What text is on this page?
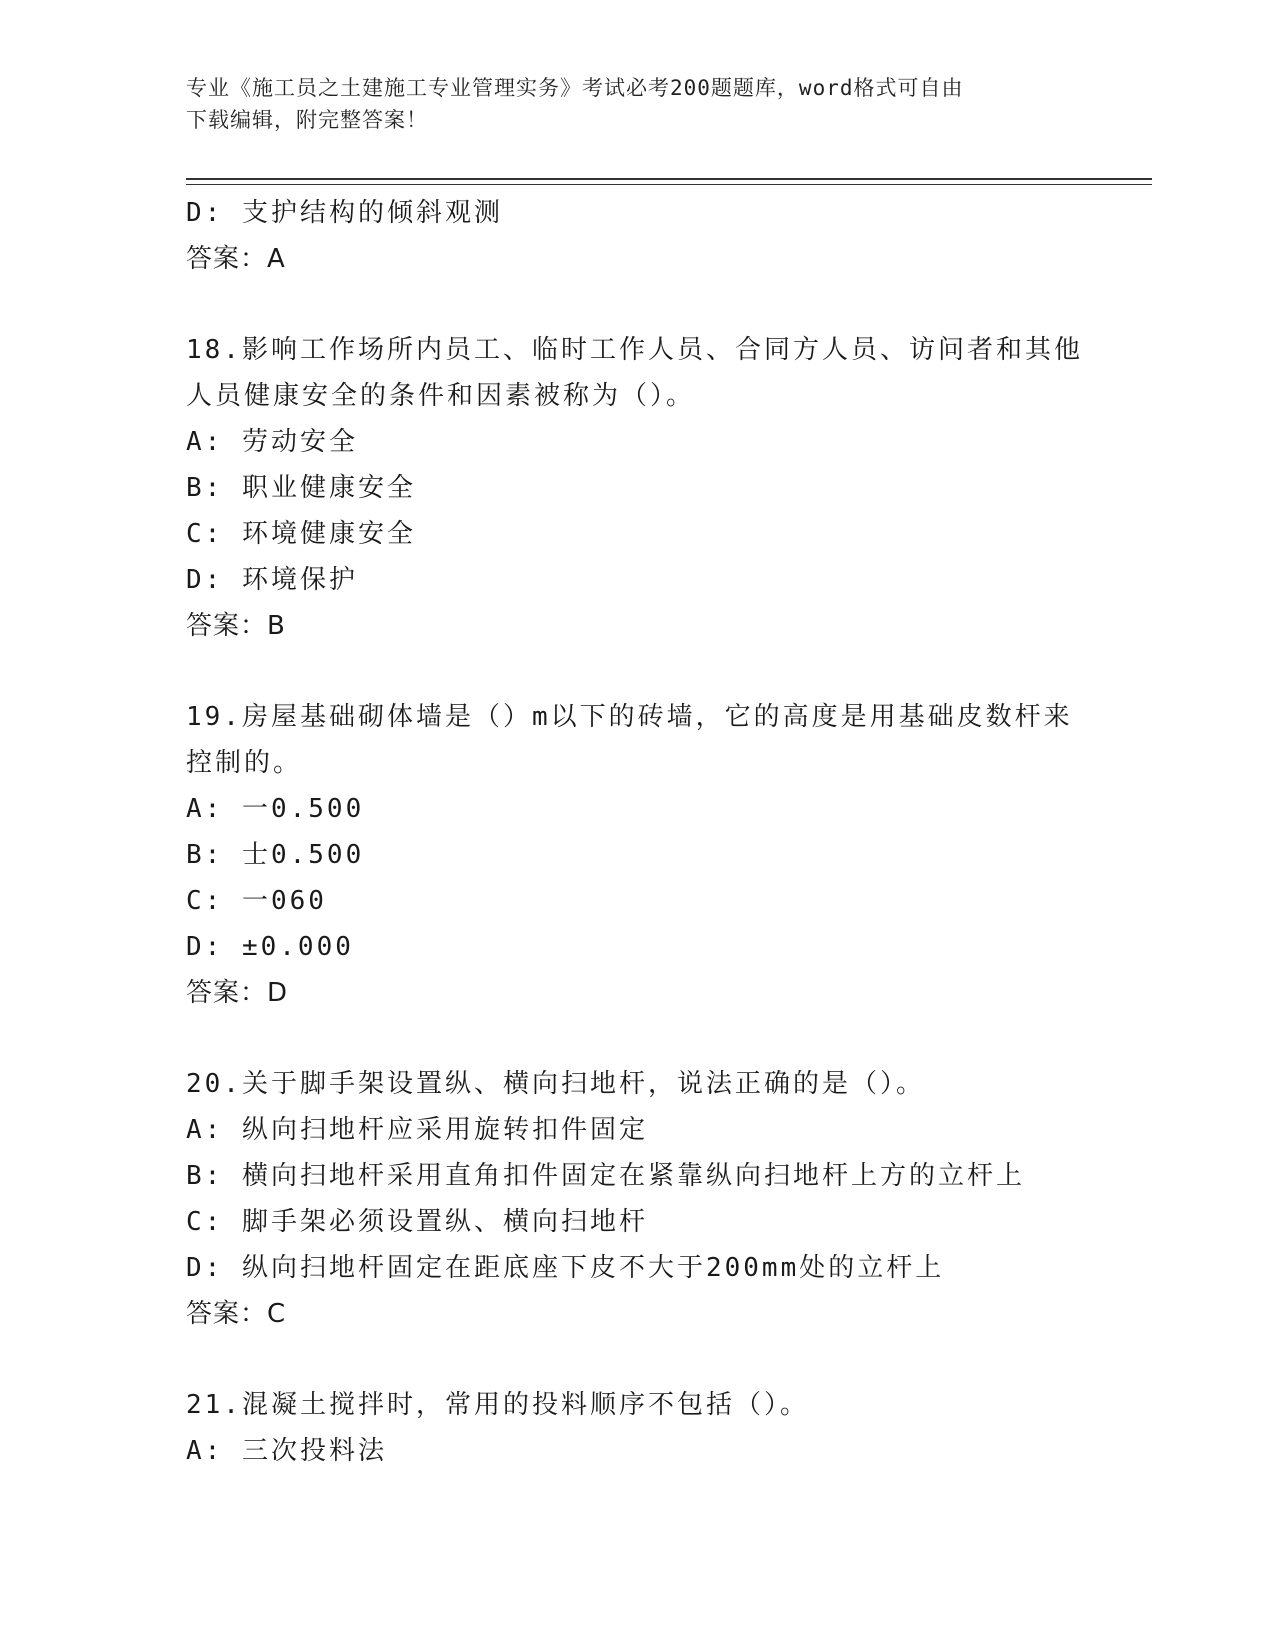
专业《施工员之土建施工专业管理实务》考试必考200题题库，word格式可自由
下载编辑，附完整答案！
D: 支护结构的倾斜观测
答案：A
18.影响工作场所内员工、临时工作人员、合同方人员、访问者和其他
人员健康安全的条件和因素被称为（）。
A: 劳动安全
B: 职业健康安全
C: 环境健康安全
D: 环境保护
答案：B
19.房屋基础砌体墙是（）m以下的砖墙，它的高度是用基础皮数杆来
控制的。
A: 一0.500
B: 士0.500
C: 一060
D: ±0.000
答案：D
20.关于脚手架设置纵、横向扫地杆，说法正确的是（）。
A: 纵向扫地杆应采用旋转扣件固定
B: 横向扫地杆采用直角扣件固定在紧靠纵向扫地杆上方的立杆上
C: 脚手架必须设置纵、横向扫地杆
D: 纵向扫地杆固定在距底座下皮不大于200mm处的立杆上
答案：C
21.混凝土搅拌时，常用的投料顺序不包括（）。
A: 三次投料法
